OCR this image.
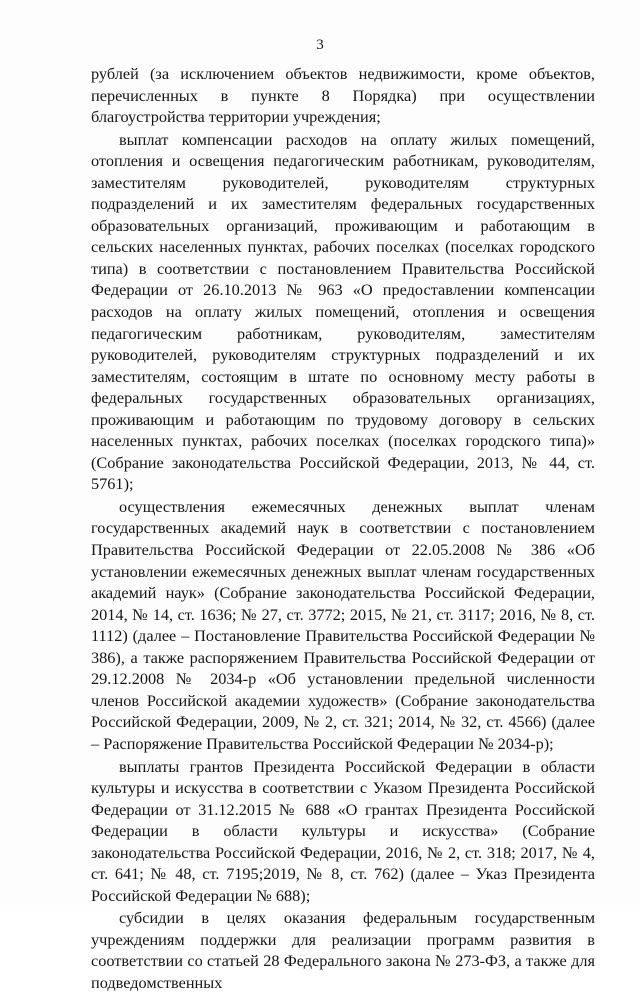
3

рублей (за исключением объектов недвижимости, кроме объектов, перечисленных в пункте 8 Порядка) при осуществлении благоустройства территории учреждения;

выплат компенсации расходов на оплату жилых помещений, отопления и освещения педагогическим работникам, руководителям, заместителям руководителей, руководителям структурных подразделений и их заместителям федеральных государственных образовательных организаций, проживающим и работающим в сельских населенных пунктах, рабочих поселках (поселках городского типа) в соответствии с постановлением Правительства Российской Федерации от 26.10.2013 № 963 «О предоставлении компенсации расходов на оплату жилых помещений, отопления и освещения педагогическим работникам, руководителям, заместителям руководителей, руководителям структурных подразделений и их заместителям, состоящим в штате по основному месту работы в федеральных государственных образовательных организациях, проживающим и работающим по трудовому договору в сельских населенных пунктах, рабочих поселках (поселках городского типа)» (Собрание законодательства Российской Федерации, 2013, № 44, ст. 5761);

осуществления ежемесячных денежных выплат членам государственных академий наук в соответствии с постановлением Правительства Российской Федерации от 22.05.2008 № 386 «Об установлении ежемесячных денежных выплат членам государственных академий наук» (Собрание законодательства Российской Федерации, 2014, № 14, ст. 1636; № 27, ст. 3772; 2015, № 21, ст. 3117; 2016, № 8, ст. 1112) (далее – Постановление Правительства Российской Федерации № 386), а также распоряжением Правительства Российской Федерации от 29.12.2008 № 2034-р «Об установлении предельной численности членов Российской академии художеств» (Собрание законодательства Российской Федерации, 2009, № 2, ст. 321; 2014, № 32, ст. 4566) (далее – Распоряжение Правительства Российской Федерации № 2034-р);

выплаты грантов Президента Российской Федерации в области культуры и искусства в соответствии с Указом Президента Российской Федерации от 31.12.2015 № 688 «О грантах Президента Российской Федерации в области культуры и искусства» (Собрание законодательства Российской Федерации, 2016, № 2, ст. 318; 2017, № 4, ст. 641; № 48, ст. 7195;2019, № 8, ст. 762) (далее – Указ Президента Российской Федерации № 688);

субсидии в целях оказания федеральным государственным учреждениям поддержки для реализации программ развития в соответствии со статьей 28 Федерального закона № 273-ФЗ, а также для подведомственных
